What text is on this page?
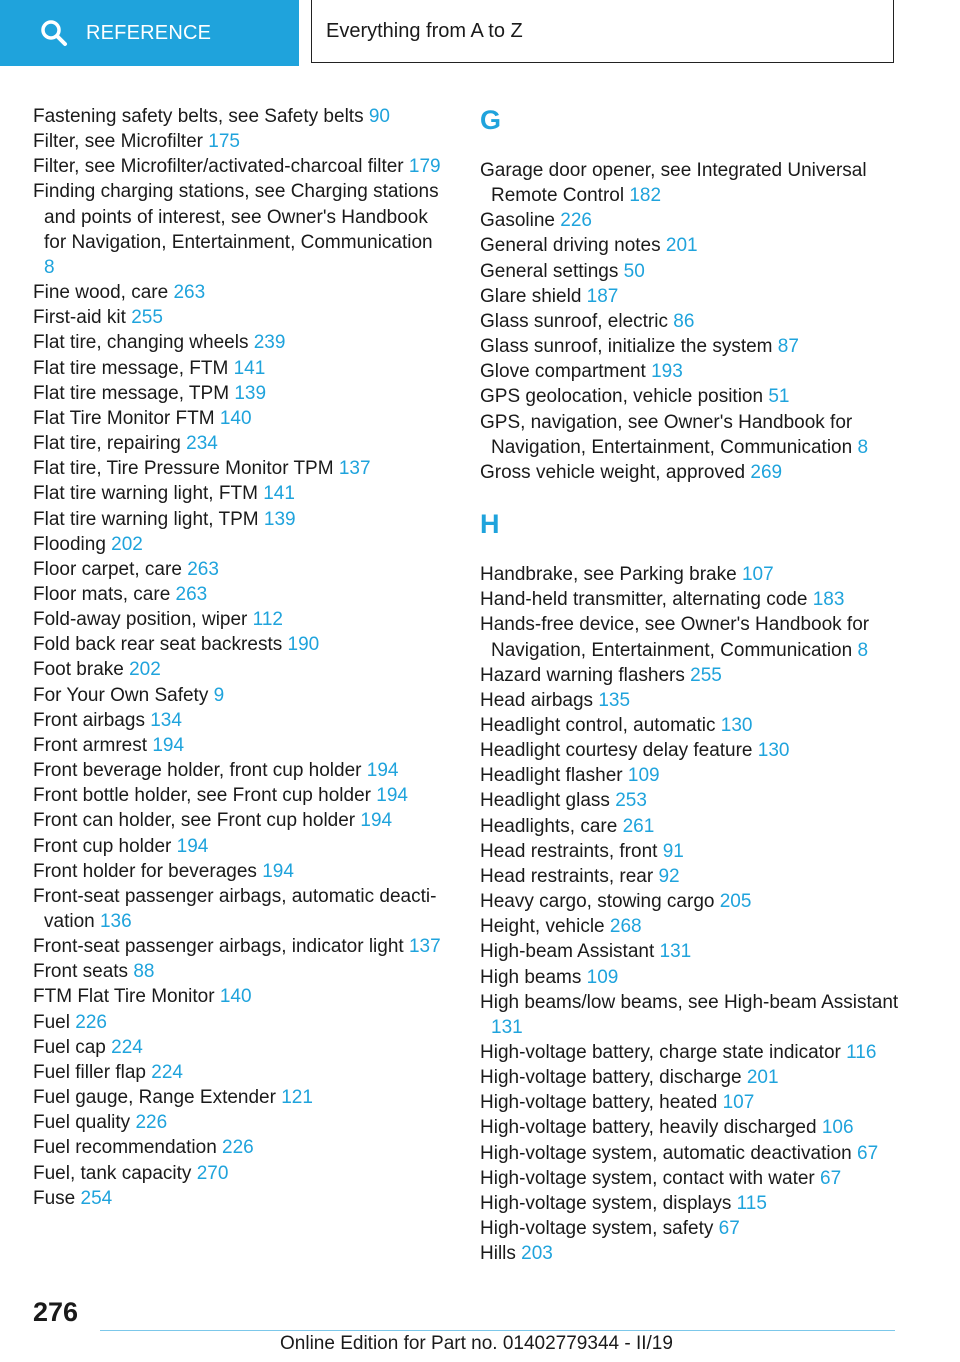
REFERENCE	Everything from A to Z
Fastening safety belts, see Safety belts 90
Filter, see Microfilter 175
Filter, see Microfilter/activated-charcoal filter 179
Finding charging stations, see Charging stations and points of interest, see Owner's Handbook for Navigation, Entertainment, Communication 8
Fine wood, care 263
First-aid kit 255
Flat tire, changing wheels 239
Flat tire message, FTM 141
Flat tire message, TPM 139
Flat Tire Monitor FTM 140
Flat tire, repairing 234
Flat tire, Tire Pressure Monitor TPM 137
Flat tire warning light, FTM 141
Flat tire warning light, TPM 139
Flooding 202
Floor carpet, care 263
Floor mats, care 263
Fold-away position, wiper 112
Fold back rear seat backrests 190
Foot brake 202
For Your Own Safety 9
Front airbags 134
Front armrest 194
Front beverage holder, front cup holder 194
Front bottle holder, see Front cup holder 194
Front can holder, see Front cup holder 194
Front cup holder 194
Front holder for beverages 194
Front-seat passenger airbags, automatic deactivation 136
Front-seat passenger airbags, indicator light 137
Front seats 88
FTM Flat Tire Monitor 140
Fuel 226
Fuel cap 224
Fuel filler flap 224
Fuel gauge, Range Extender 121
Fuel quality 226
Fuel recommendation 226
Fuel, tank capacity 270
Fuse 254
G
Garage door opener, see Integrated Universal Remote Control 182
Gasoline 226
General driving notes 201
General settings 50
Glare shield 187
Glass sunroof, electric 86
Glass sunroof, initialize the system 87
Glove compartment 193
GPS geolocation, vehicle position 51
GPS, navigation, see Owner's Handbook for Navigation, Entertainment, Communication 8
Gross vehicle weight, approved 269
H
Handbrake, see Parking brake 107
Hand-held transmitter, alternating code 183
Hands-free device, see Owner's Handbook for Navigation, Entertainment, Communication 8
Hazard warning flashers 255
Head airbags 135
Headlight control, automatic 130
Headlight courtesy delay feature 130
Headlight flasher 109
Headlight glass 253
Headlights, care 261
Head restraints, front 91
Head restraints, rear 92
Heavy cargo, stowing cargo 205
Height, vehicle 268
High-beam Assistant 131
High beams 109
High beams/low beams, see High-beam Assistant 131
High-voltage battery, charge state indicator 116
High-voltage battery, discharge 201
High-voltage battery, heated 107
High-voltage battery, heavily discharged 106
High-voltage system, automatic deactivation 67
High-voltage system, contact with water 67
High-voltage system, displays 115
High-voltage system, safety 67
Hills 203
276
Online Edition for Part no. 01402779344 - II/19
